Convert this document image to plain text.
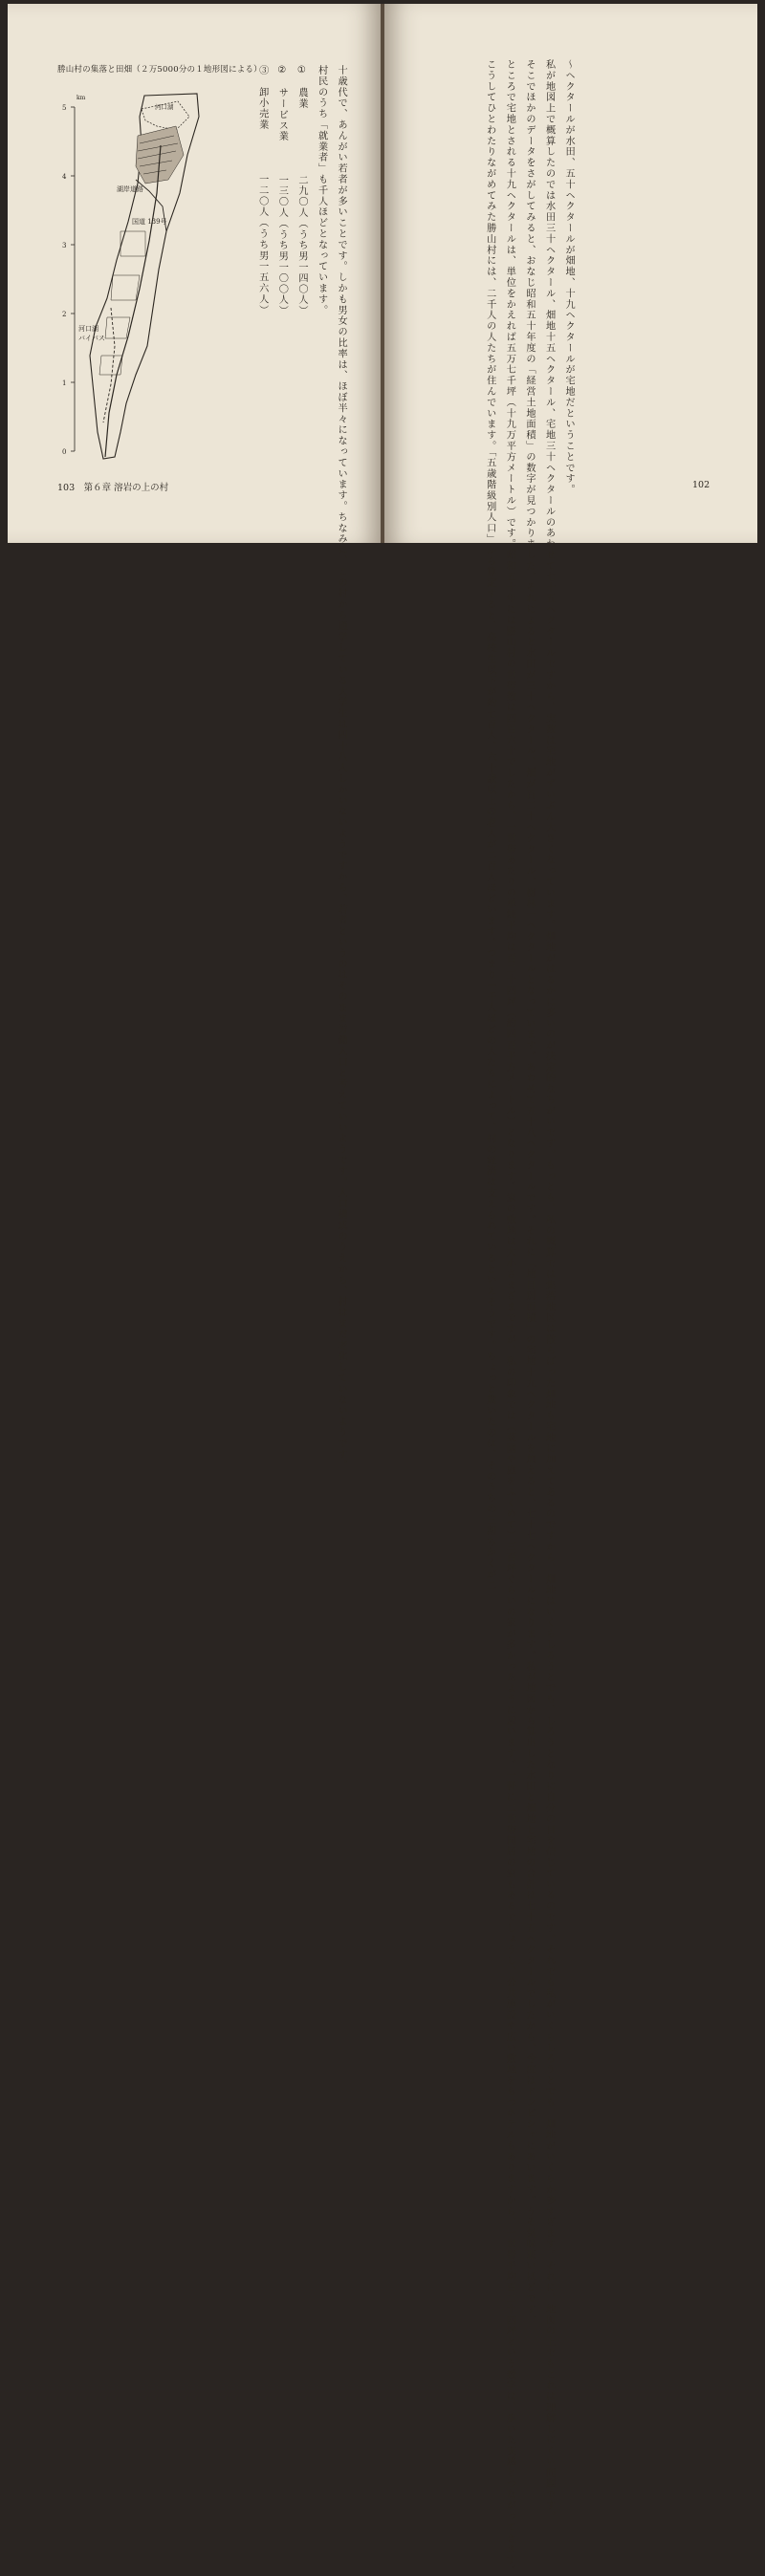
勝山村の集落と田畑（２万5000分の１地形図による）
km
0
1
2
3
4
5	河口湖
湖岸道路
国道 139号
河口湖
バイパス

	十歳代で、あんがい若者が多いことです。しかも男女の比率は、ほぼ半々になっています。ちなみに、この村から通学している大学生は四十八人しかいないようですから、若者というのはそのまま労働人口と考えていいようです。人口構成のうえから、村はまだ老化していないようです。
村民のうち「就業者」も千人ほどとなっています。
①　農業　　　　　　二九〇人（うち男一四〇人）
②　サービス業　　　一三〇人（うち男一〇〇人）
③　卸小売業　　　　一二〇人（うち男一五六人）

103　第６章 溶岩の上の村

	〜ヘクタールが水田、五十ヘクタールが畑地、十九ヘクタールが宅地だということです。
私が地図上で概算したのでは水田三十ヘクタール、畑地十五ヘクタール、宅地三十ヘクタールのあわせて七十五ヘクタールですから、実数は宅地がずいぶん大きくなっています。畑地がはるかに多いのが決定的なちがいです。もっとも、私の概算では集落地区は散らばった畑地も宅地に加えてあるのですから、畑地はいくらしろうとでも、しろうとなりに自分の目を信じているのです。それでも私がいくらしろうとでも、畑地がいくらか多すぎます。それに、地図の上でもこれは理解しにくい問題です。
そこでほかのデータをさがしてみると、おなじ昭和五十年度の「経営土地面積」の数字が見つかりました。それによると水田が三十ヘクタール、畑が百二十ヘクタール、樹林一ヘクタールとなっています。あわせて五十八ヘクタールです。それに「地目別面積」の宅地十九ヘクタールを加えると、七十七ヘクタールになります。私が地図から算出した水田と畑地と宅地の合計は七十五ヘクタールでしたから、今度はドンピシャにあいます。うそ気味悪いほどです。
ところで宅地とされる十九ヘクタールは、単位をかえれば五万七千坪（十九万平方メートル）です。昭和五十年には勝山村の世帯数は四百六十でしたから、一世帯あたりの単純平均は百二十四坪（約四百平方メートル）となります。家の敷地は大小さまざまですが、私の印象では（菜園や庭をふくめて）三百坪ぐらいの家が多かったように思います。一軒に二世帯同居の家もあるでしょうし、公共施設や広い敷地をもつホテルもありますから、一世帯平均百二十四坪という数字は、歩いた実感とつながってきます。
こうしてひとわたりながめてみた勝山村には、二千人の人たちが住んでいます。「五歳階級別人口」から算定すると、高校生以下が約七百人、六十歳以上の老人が二百人ほどいます。つまり一千人ほどの人たちによって、村の経済は支えられているといえそうです。ちょっと驚いたのは、そのうちの三割ちかくが二

	102
